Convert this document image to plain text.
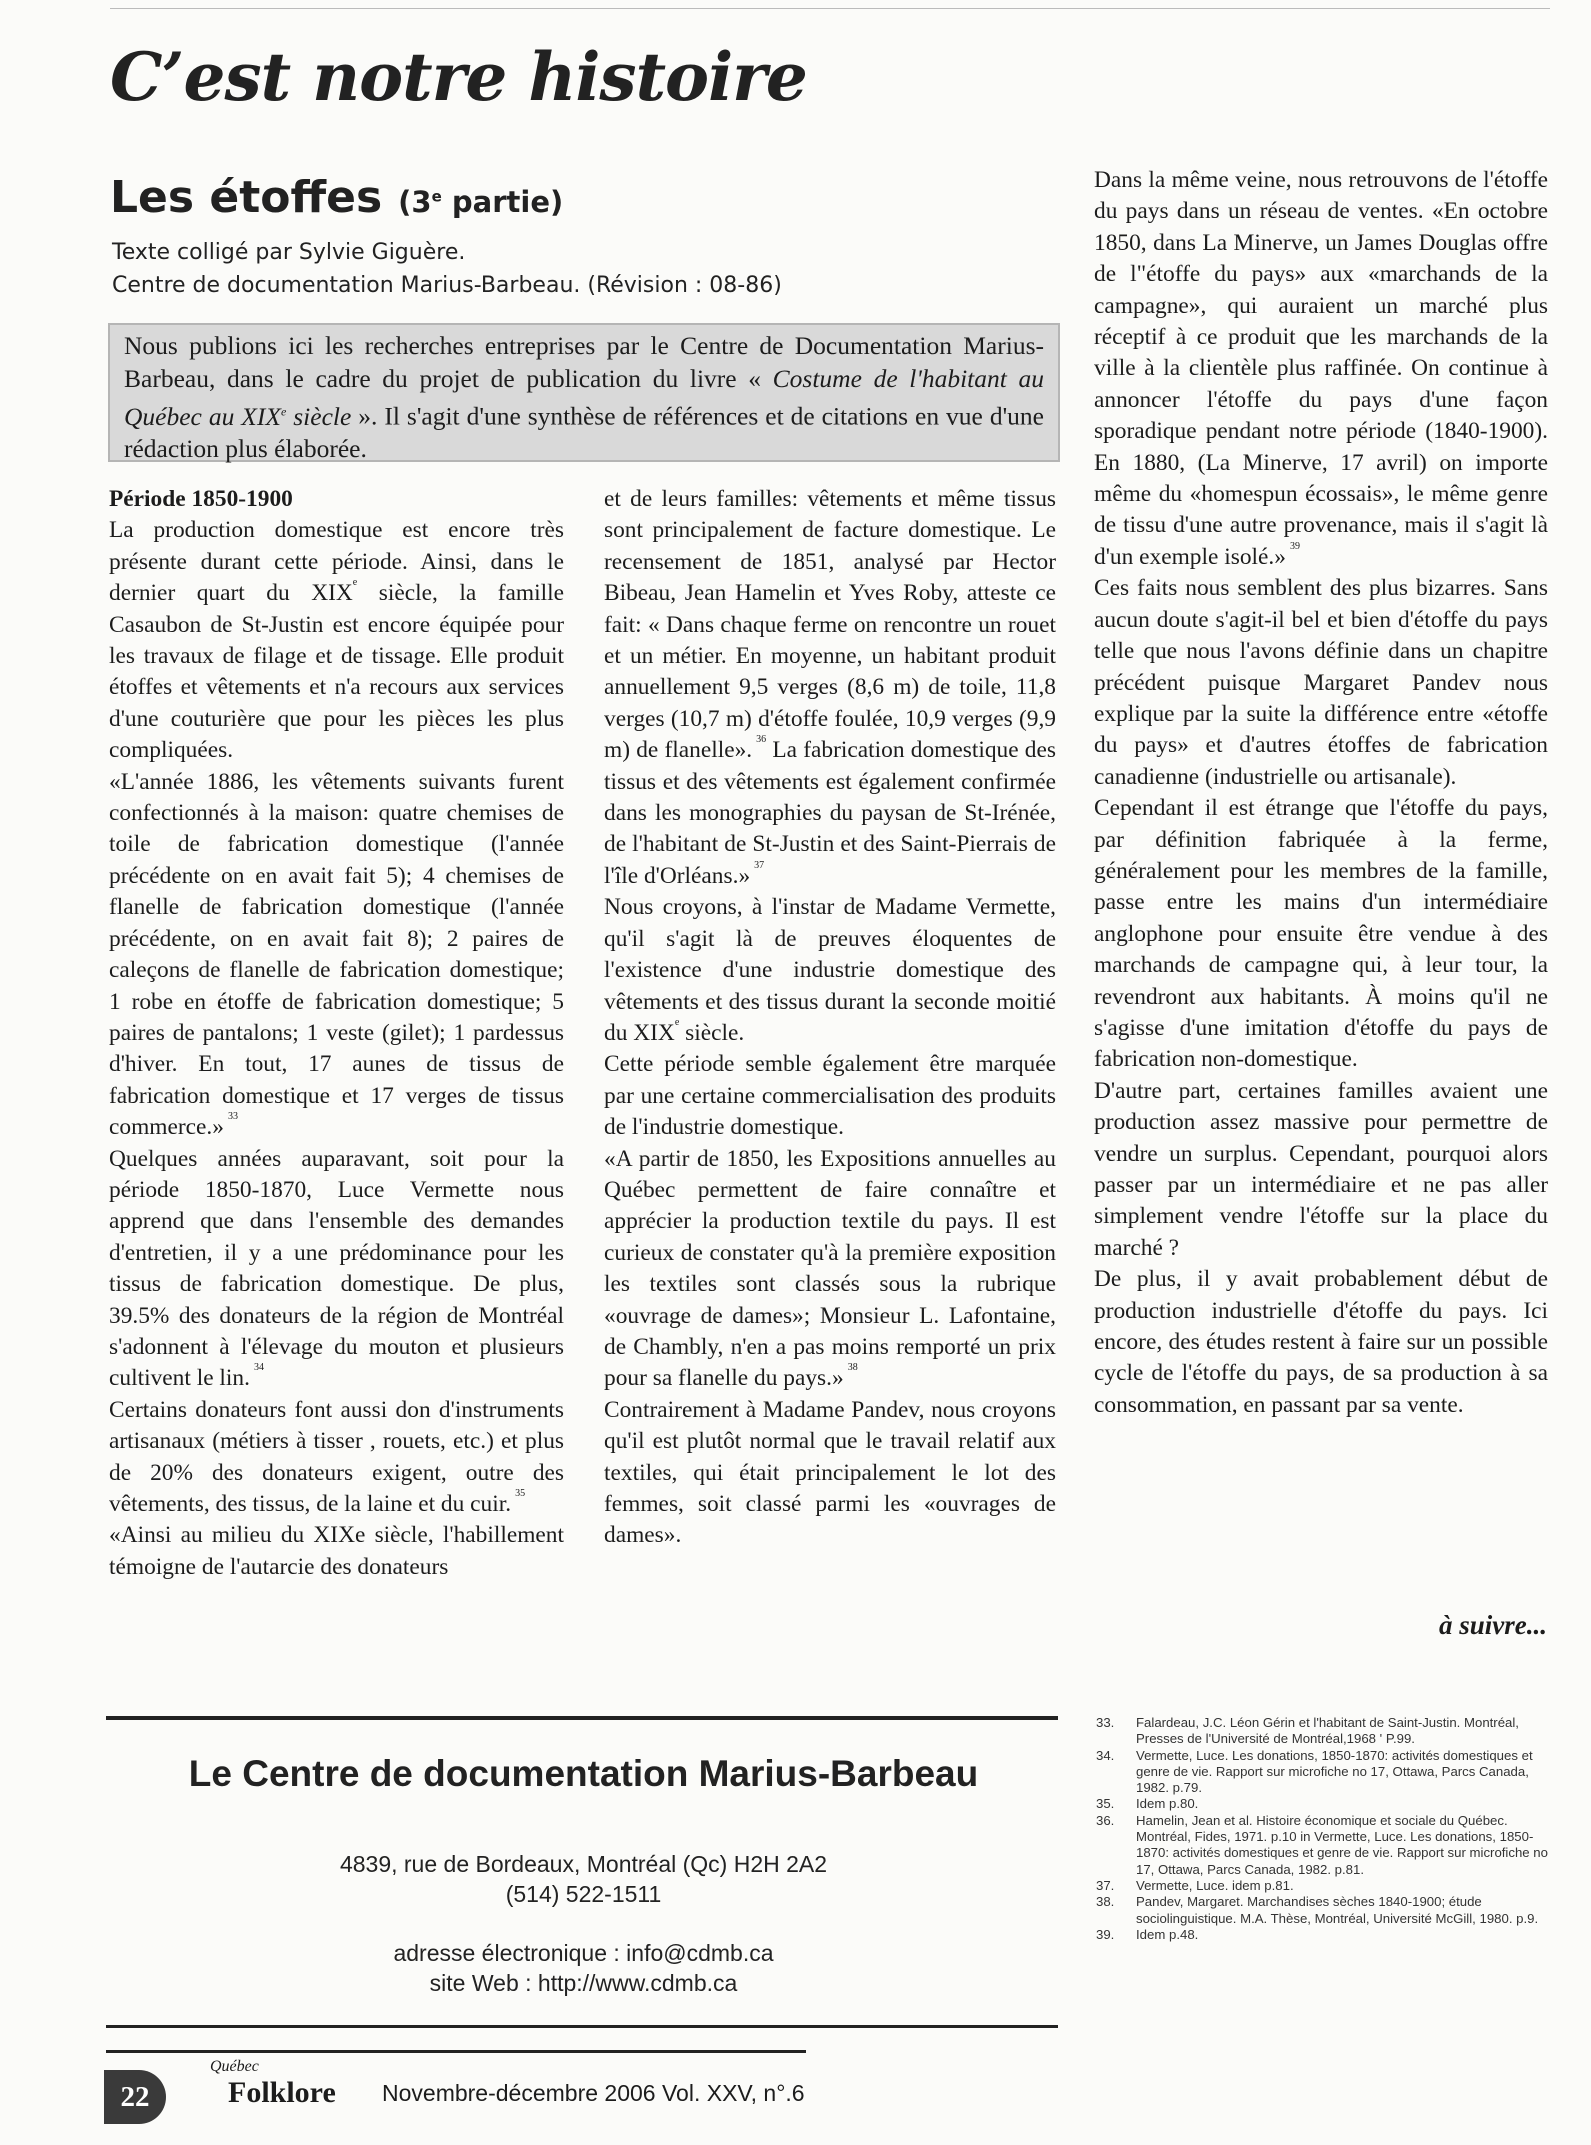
C’est notre histoire
Les étoffes (3e partie)
Texte colligé par Sylvie Giguère.
Centre de documentation Marius-Barbeau. (Révision : 08-86)
Nous publions ici les recherches entreprises par le Centre de Documentation Marius-Barbeau, dans le cadre du projet de publication du livre « Costume de l'habitant au Québec au XIXe siècle ». Il s'agit d'une synthèse de références et de citations en vue d'une rédaction plus élaborée.
Période 1850-1900

La production domestique est encore très présente durant cette période. Ainsi, dans le dernier quart du XIXe siècle, la famille Casaubon de St-Justin est encore équipée pour les travaux de filage et de tissage. Elle produit étoffes et vêtements et n'a recours aux services d'une couturière que pour les pièces les plus compliquées.

«L'année 1886, les vêtements suivants furent confectionnés à la maison: quatre chemises de toile de fabrication domestique (l'année précédente on en avait fait 5); 4 chemises de flanelle de fabrication domestique (l'année précédente, on en avait fait 8); 2 paires de caleçons de flanelle de fabrication domestique; 1 robe en étoffe de fabrication domestique; 5 paires de pantalons; 1 veste (gilet); 1 pardessus d'hiver. En tout, 17 aunes de tissus de fabrication domestique et 17 verges de tissus commerce.» $^{33}$

Quelques années auparavant, soit pour la période 1850-1870, Luce Vermette nous apprend que dans l'ensemble des demandes d'entretien, il y a une prédominance pour les tissus de fabrication domestique. De plus, 39.5% des donateurs de la région de Montréal s'adonnent à l'élevage du mouton et plusieurs cultivent le lin. $^{34}$

Certains donateurs font aussi don d'instruments artisanaux (métiers à tisser , rouets, etc.) et plus de 20% des donateurs exigent, outre des vêtements, des tissus, de la laine et du cuir. $^{35}$

«Ainsi au milieu du XIXe siècle, l'habillement témoigne de l'autarcie des donateurs

et de leurs familles: vêtements et même tissus sont principalement de facture domestique. Le recensement de 1851, analysé par Hector Bibeau, Jean Hamelin et Yves Roby, atteste ce fait: « Dans chaque ferme on rencontre un rouet et un métier. En moyenne, un habitant produit annuellement 9,5 verges (8,6 m) de toile, 11,8 verges (10,7 m) d'étoffe foulée, 10,9 verges (9,9 m) de flanelle». $^{36}$ La fabrication domestique des tissus et des vêtements est également confirmée dans les monographies du paysan de St-Irénée, de l'habitant de St-Justin et des Saint-Pierrais de l'île d'Orléans.» $^{37}$

Nous croyons, à l'instar de Madame Vermette, qu'il s'agit là de preuves éloquentes de l'existence d'une industrie domestique des vêtements et des tissus durant la seconde moitié du XIXe siècle.

Cette période semble également être marquée par une certaine commercialisation des produits de l'industrie domestique.

«A partir de 1850, les Expositions annuelles au Québec permettent de faire connaître et apprécier la production textile du pays. Il est curieux de constater qu'à la première exposition les textiles sont classés sous la rubrique «ouvrage de dames»; Monsieur L. Lafontaine, de Chambly, n'en a pas moins remporté un prix pour sa flanelle du pays.» $^{38}$

Contrairement à Madame Pandev, nous croyons qu'il est plutôt normal que le travail relatif aux textiles, qui était principalement le lot des femmes, soit classé parmi les «ouvrages de dames».

Dans la même veine, nous retrouvons de l'étoffe du pays dans un réseau de ventes. «En octobre 1850, dans La Minerve, un James Douglas offre de l"étoffe du pays» aux «marchands de la campagne», qui auraient un marché plus réceptif à ce produit que les marchands de la ville à la clientèle plus raffinée. On continue à annoncer l'étoffe du pays d'une façon sporadique pendant notre période (1840-1900). En 1880, (La Minerve, 17 avril) on importe même du «homespun écossais», le même genre de tissu d'une autre provenance, mais il s'agit là d'un exemple isolé.» $^{39}$

Ces faits nous semblent des plus bizarres. Sans aucun doute s'agit-il bel et bien d'étoffe du pays telle que nous l'avons définie dans un chapitre précédent puisque Margaret Pandev nous explique par la suite la différence entre «étoffe du pays» et d'autres étoffes de fabrication canadienne (industrielle ou artisanale).

Cependant il est étrange que l'étoffe du pays, par définition fabriquée à la ferme, généralement pour les membres de la famille, passe entre les mains d'un intermédiaire anglophone pour ensuite être vendue à des marchands de campagne qui, à leur tour, la revendront aux habitants. À moins qu'il ne s'agisse d'une imitation d'étoffe du pays de fabrication non-domestique.

D'autre part, certaines familles avaient une production assez massive pour permettre de vendre un surplus. Cependant, pourquoi alors passer par un intermédiaire et ne pas aller simplement vendre l'étoffe sur la place du marché ?

De plus, il y avait probablement début de production industrielle d'étoffe du pays. Ici encore, des études restent à faire sur un possible cycle de l'étoffe du pays, de sa production à sa consommation, en passant par sa vente.

à suivre...
Le Centre de documentation Marius-Barbeau
4839, rue de Bordeaux, Montréal (Qc) H2H 2A2
(514) 522-1511
adresse électronique : info@cdmb.ca
site Web : http://www.cdmb.ca
33.	Falardeau, J.C. Léon Gérin et l'habitant de Saint-Justin. Montréal, Presses de l'Université de Montréal,1968 ' P.99.
34.	Vermette, Luce. Les donations, 1850-1870: activités domestiques et genre de vie. Rapport sur microfiche no 17, Ottawa, Parcs Canada, 1982. p.79.
35.	Idem p.80.
36.	Hamelin, Jean et al. Histoire économique et sociale du Québec. Montréal, Fides, 1971. p.10 in Vermette, Luce. Les donations, 1850-1870: activités domestiques et genre de vie. Rapport sur microfiche no 17, Ottawa, Parcs Canada, 1982. p.81.
37.	Vermette, Luce. idem p.81.
38.	Pandev, Margaret. Marchandises sèches 1840-1900; étude sociolinguistique. M.A. Thèse, Montréal, Université McGill, 1980. p.9.
39.	Idem p.48.
22
Québec
Folklore Novembre-décembre 2006 Vol. XXV, n°.6
